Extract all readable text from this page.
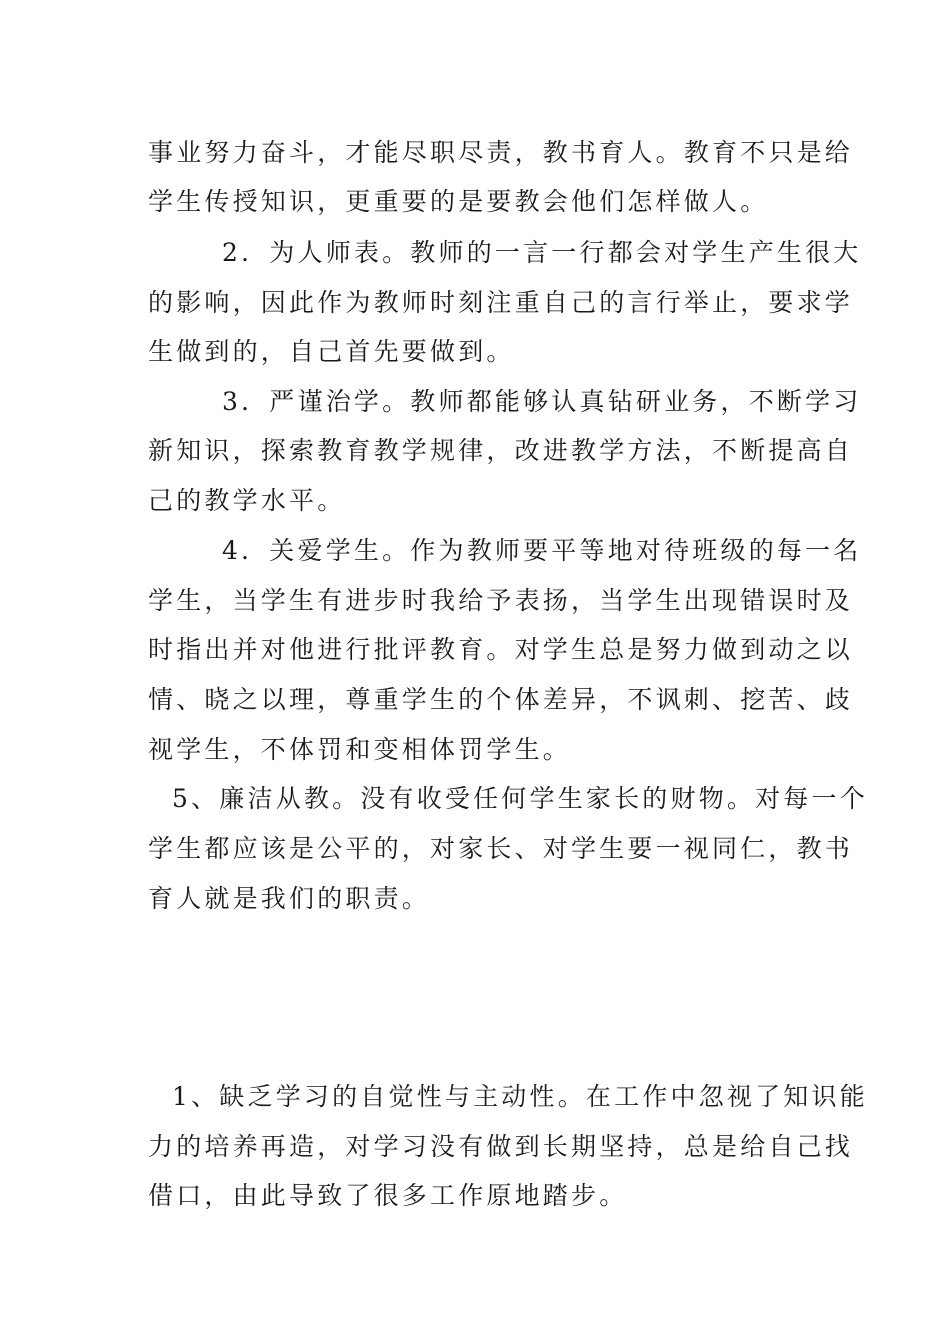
事业努力奋斗，才能尽职尽责，教书育人。教育不只是给
学生传授知识，更重要的是要教会他们怎样做人。
2．为人师表。教师的一言一行都会对学生产生很大
的影响，因此作为教师时刻注重自己的言行举止，要求学
生做到的，自己首先要做到。
3．严谨治学。教师都能够认真钻研业务，不断学习
新知识，探索教育教学规律，改进教学方法，不断提高自
己的教学水平。
4．关爱学生。作为教师要平等地对待班级的每一名
学生，当学生有进步时我给予表扬，当学生出现错误时及
时指出并对他进行批评教育。对学生总是努力做到动之以
情、晓之以理，尊重学生的个体差异，不讽刺、挖苦、歧
视学生，不体罚和变相体罚学生。
5、廉洁从教。没有收受任何学生家长的财物。对每一个
学生都应该是公平的，对家长、对学生要一视同仁，教书
育人就是我们的职责。
1、缺乏学习的自觉性与主动性。在工作中忽视了知识能
力的培养再造，对学习没有做到长期坚持，总是给自己找
借口，由此导致了很多工作原地踏步。
